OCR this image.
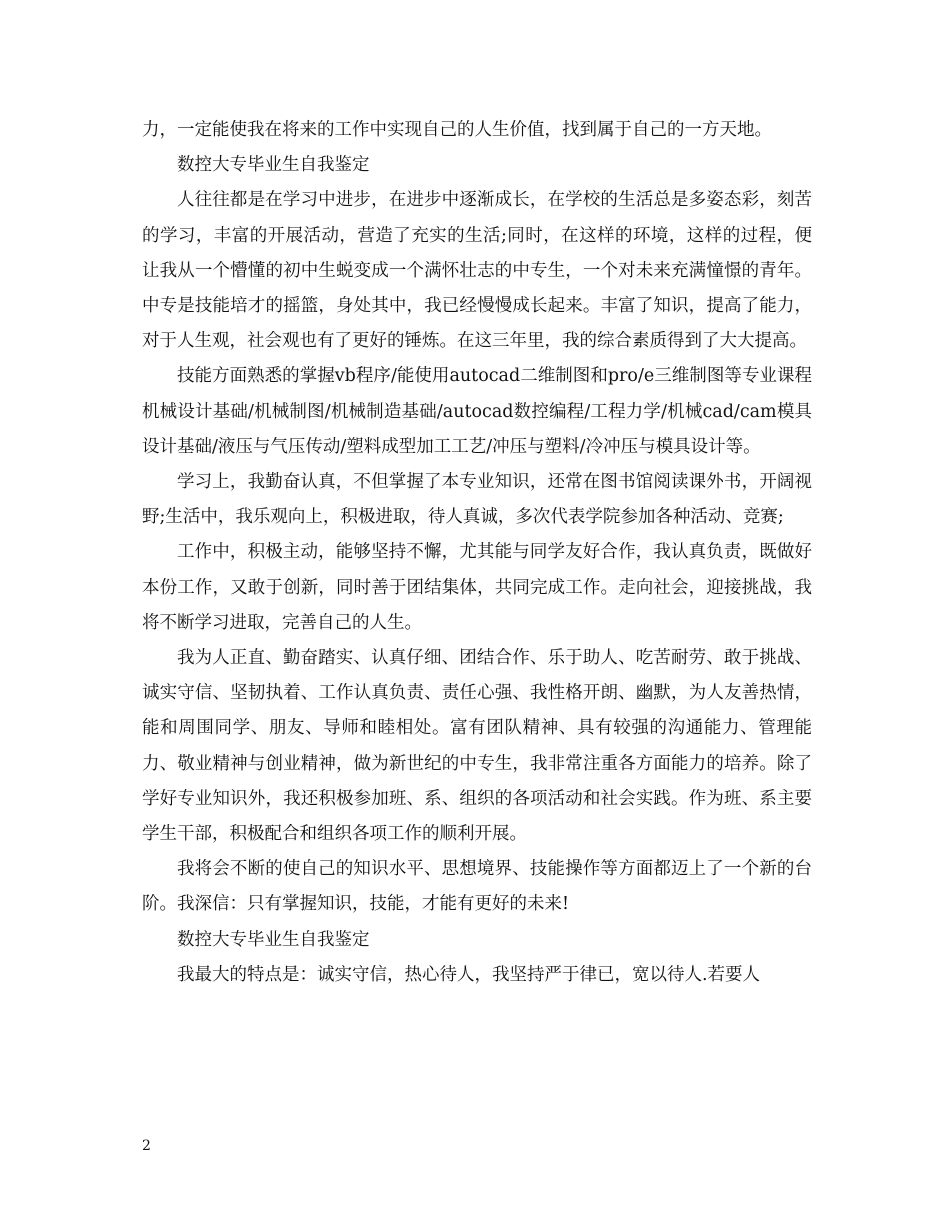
力，一定能使我在将来的工作中实现自己的人生价值，找到属于自己的一方天地。

数控大专毕业生自我鉴定

人往往都是在学习中进步，在进步中逐渐成长，在学校的生活总是多姿态彩，刻苦的学习，丰富的开展活动，营造了充实的生活;同时，在这样的环境，这样的过程，便让我从一个懵懂的初中生蜕变成一个满怀壮志的中专生，一个对未来充满憧憬的青年。中专是技能培才的摇篮，身处其中，我已经慢慢成长起来。丰富了知识，提高了能力，对于人生观，社会观也有了更好的锤炼。在这三年里，我的综合素质得到了大大提高。

技能方面熟悉的掌握vb程序/能使用autocad二维制图和pro/e三维制图等专业课程机械设计基础/机械制图/机械制造基础/autocad数控编程/工程力学/机械cad/cam模具设计基础/液压与气压传动/塑料成型加工工艺/冲压与塑料/冷冲压与模具设计等。

学习上，我勤奋认真，不但掌握了本专业知识，还常在图书馆阅读课外书，开阔视野;生活中，我乐观向上，积极进取，待人真诚，多次代表学院参加各种活动、竞赛;

工作中，积极主动，能够坚持不懈，尤其能与同学友好合作，我认真负责，既做好本份工作，又敢于创新，同时善于团结集体，共同完成工作。走向社会，迎接挑战，我将不断学习进取，完善自己的人生。

我为人正直、勤奋踏实、认真仔细、团结合作、乐于助人、吃苦耐劳、敢于挑战、诚实守信、坚韧执着、工作认真负责、责任心强、我性格开朗、幽默，为人友善热情，能和周围同学、朋友、导师和睦相处。富有团队精神、具有较强的沟通能力、管理能力、敬业精神与创业精神，做为新世纪的中专生，我非常注重各方面能力的培养。除了学好专业知识外，我还积极参加班、系、组织的各项活动和社会实践。作为班、系主要学生干部，积极配合和组织各项工作的顺利开展。

我将会不断的使自己的知识水平、思想境界、技能操作等方面都迈上了一个新的台阶。我深信：只有掌握知识，技能，才能有更好的未来!

数控大专毕业生自我鉴定

我最大的特点是：诚实守信，热心待人，我坚持严于律已，宽以待人.若要人

2
